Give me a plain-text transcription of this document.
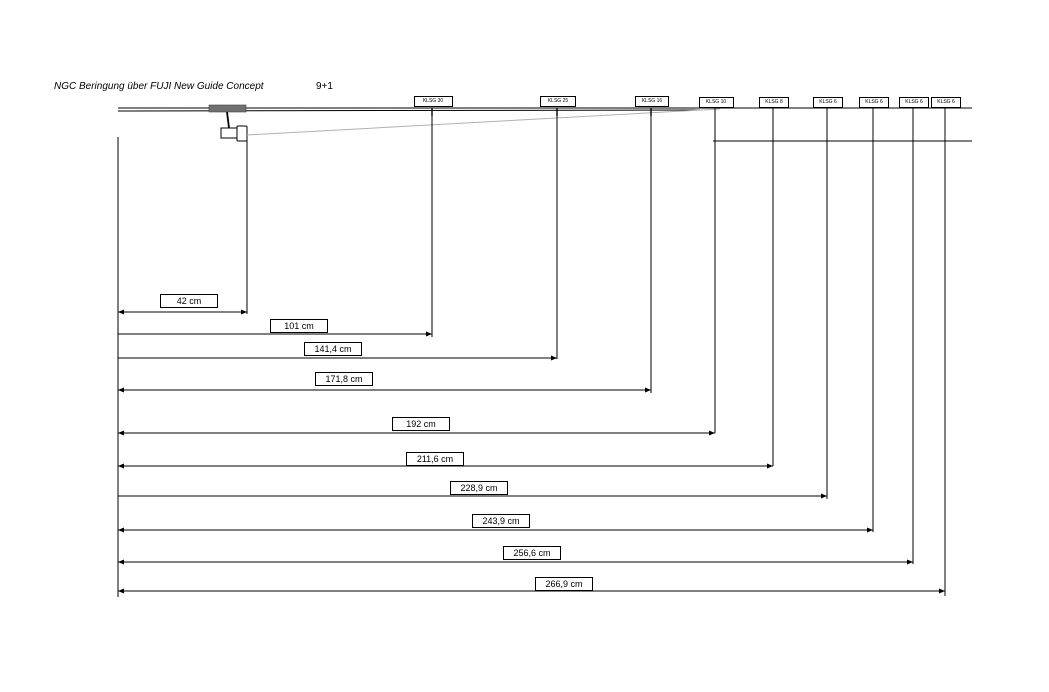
NGC Beringung über FUJI New Guide Concept	9+1
KLSG 30	KLSG 25	KLSG 16	KLSG 10	KLSG 8	KLSG 6	KLSG 6	KLSG 6	KLSG 6
42 cm
101 cm
141,4 cm
171,8 cm
192 cm
211,6 cm
228,9 cm
243,9 cm
256,6 cm
266,9 cm
